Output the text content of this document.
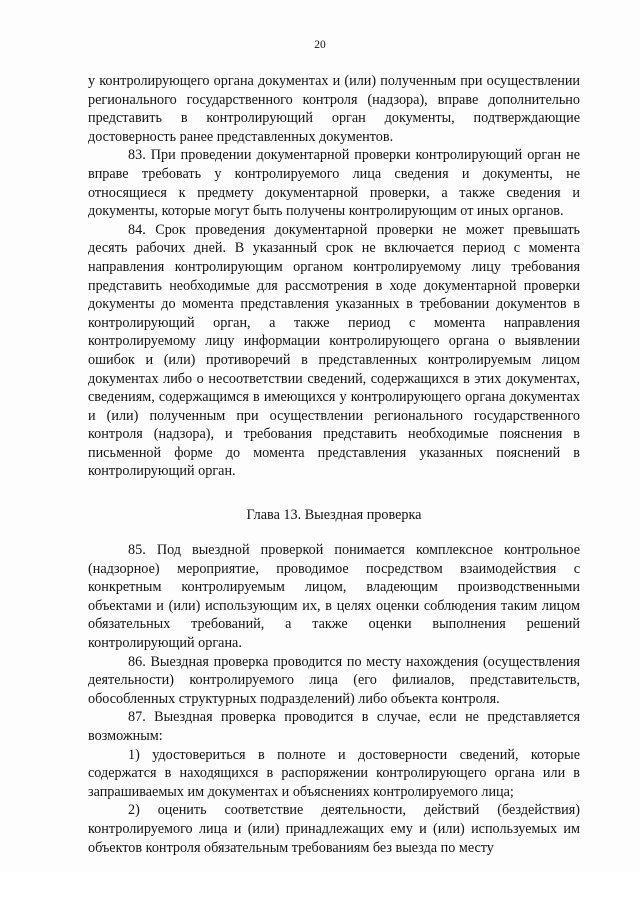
20

у контролирующего органа документах и (или) полученным при осуществлении регионального государственного контроля (надзора), вправе дополнительно представить в контролирующий орган документы, подтверждающие достоверность ранее представленных документов.

83. При проведении документарной проверки контролирующий орган не вправе требовать у контролируемого лица сведения и документы, не относящиеся к предмету документарной проверки, а также сведения и документы, которые могут быть получены контролирующим от иных органов.

84. Срок проведения документарной проверки не может превышать десять рабочих дней. В указанный срок не включается период с момента направления контролирующим органом контролируемому лицу требования представить необходимые для рассмотрения в ходе документарной проверки документы до момента представления указанных в требовании документов в контролирующий орган, а также период с момента направления контролируемому лицу информации контролирующего органа о выявлении ошибок и (или) противоречий в представленных контролируемым лицом документах либо о несоответствии сведений, содержащихся в этих документах, сведениям, содержащимся в имеющихся у контролирующего органа документах и (или) полученным при осуществлении регионального государственного контроля (надзора), и требования представить необходимые пояснения в письменной форме до момента представления указанных пояснений в контролирующий орган.

Глава 13. Выездная проверка

85. Под выездной проверкой понимается комплексное контрольное (надзорное) мероприятие, проводимое посредством взаимодействия с конкретным контролируемым лицом, владеющим производственными объектами и (или) использующим их, в целях оценки соблюдения таким лицом обязательных требований, а также оценки выполнения решений контролирующий органа.

86. Выездная проверка проводится по месту нахождения (осуществления деятельности) контролируемого лица (его филиалов, представительств, обособленных структурных подразделений) либо объекта контроля.

87. Выездная проверка проводится в случае, если не представляется возможным:

1) удостовериться в полноте и достоверности сведений, которые содержатся в находящихся в распоряжении контролирующего органа или в запрашиваемых им документах и объяснениях контролируемого лица;

2) оценить соответствие деятельности, действий (бездействия) контролируемого лица и (или) принадлежащих ему и (или) используемых им объектов контроля обязательным требованиям без выезда по месту
